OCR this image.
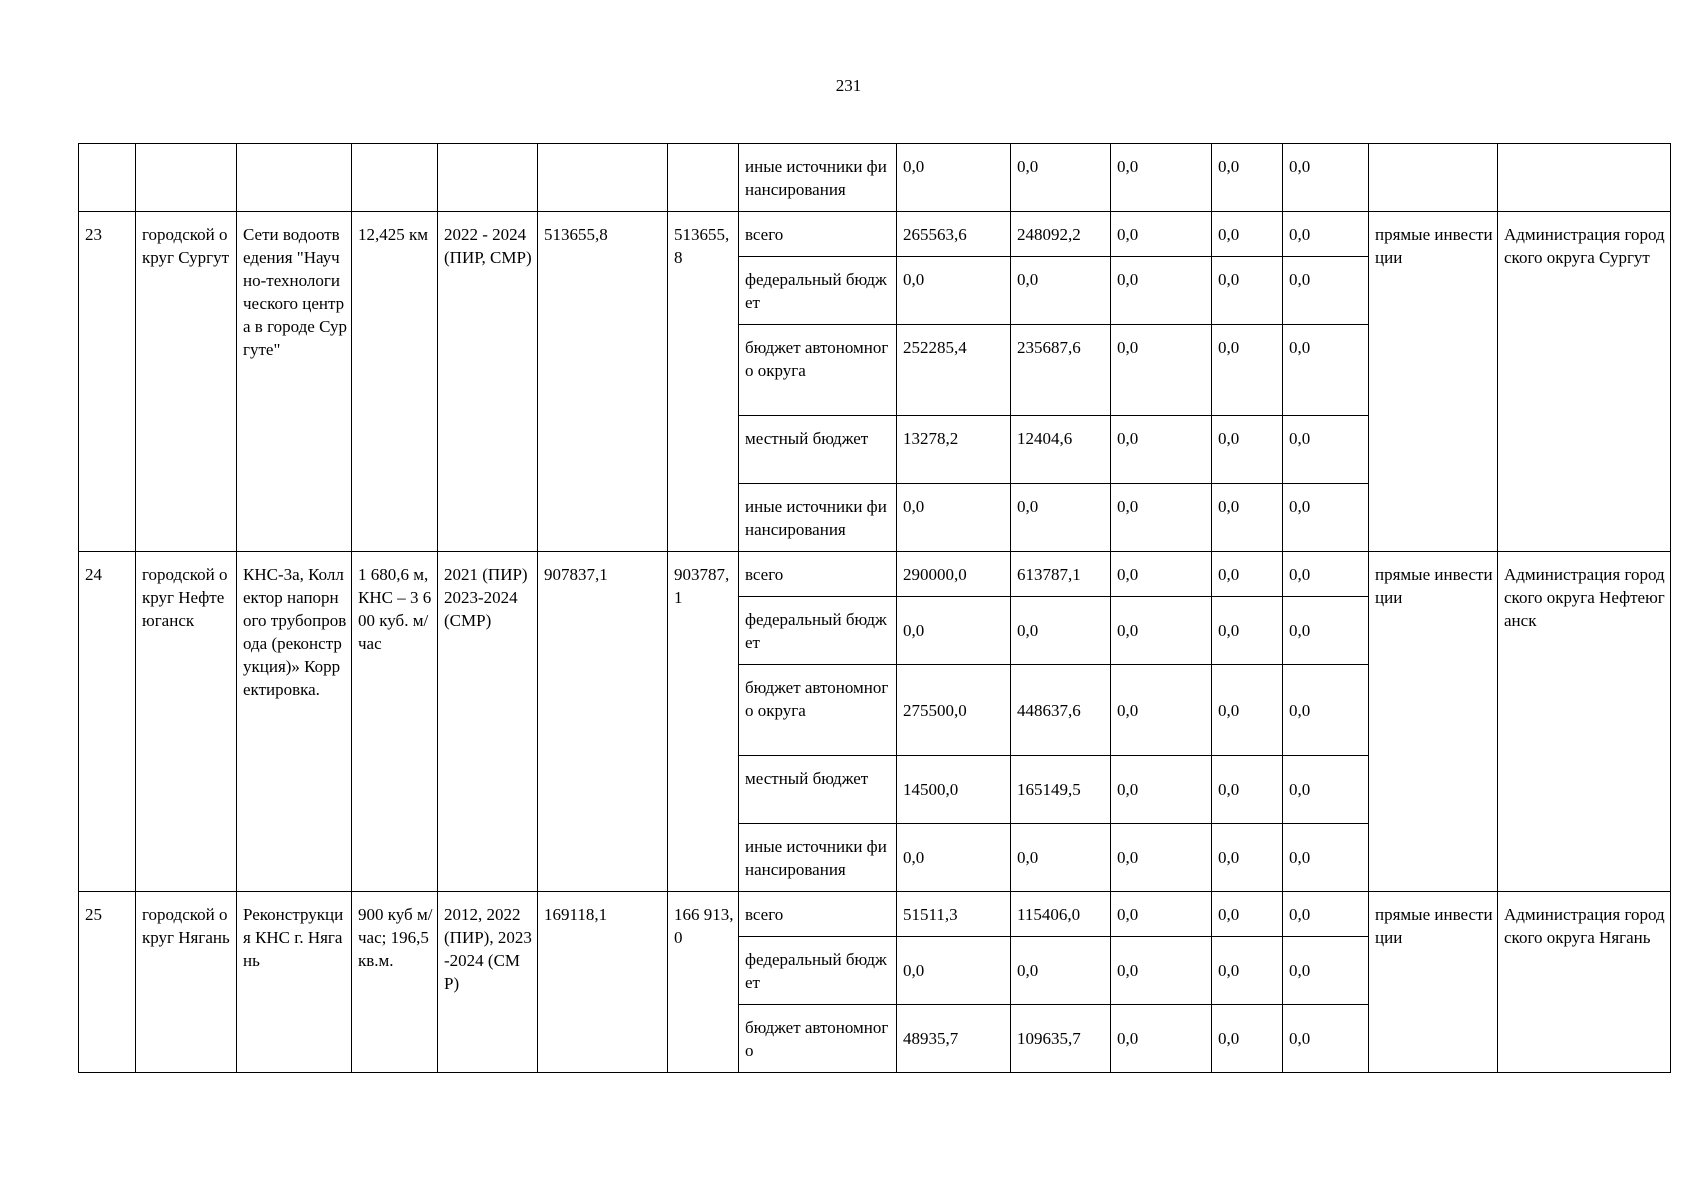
231
							иные источники финансирования	0,0	0,0	0,0	0,0	0,0		
23	городской округ Сургут	Сети водоотведения "Научно-технологического центра в городе Сургуте"	12,425 км	2022 - 2024 (ПИР, СМР)	513655,8	513655,8	всего	265563,6	248092,2	0,0	0,0	0,0	прямые инвестиции	Администрация городского округа Сургут
							федеральный бюджет	0,0	0,0	0,0	0,0	0,0		
							бюджет автономного округа	252285,4	235687,6	0,0	0,0	0,0		
							местный бюджет	13278,2	12404,6	0,0	0,0	0,0		
							иные источники финансирования	0,0	0,0	0,0	0,0	0,0		
24	городской округ Нефтеюганск	КНС-3а, Коллектор напорного трубопровода (реконструкция)» Корректировка.	1 680,6 м, КНС – 3 600 куб. м/час	2021 (ПИР) 2023-2024 (СМР)	907837,1	903787,1	всего	290000,0	613787,1	0,0	0,0	0,0	прямые инвестиции	Администрация городского округа Нефтеюганск
							федеральный бюджет	0,0	0,0	0,0	0,0	0,0		
							бюджет автономного округа	275500,0	448637,6	0,0	0,0	0,0		
							местный бюджет	14500,0	165149,5	0,0	0,0	0,0		
							иные источники финансирования	0,0	0,0	0,0	0,0	0,0		
25	городской округ Нягань	Реконструкция КНС г. Нягань	900 куб м/час; 196,5 кв.м.	2012, 2022 (ПИР), 2023-2024 (СМР)	169118,1	166 913,0	всего	51511,3	115406,0	0,0	0,0	0,0	прямые инвестиции	Администрация городского округа Нягань
							федеральный бюджет	0,0	0,0	0,0	0,0	0,0		
							бюджет автономного	48935,7	109635,7	0,0	0,0	0,0		
